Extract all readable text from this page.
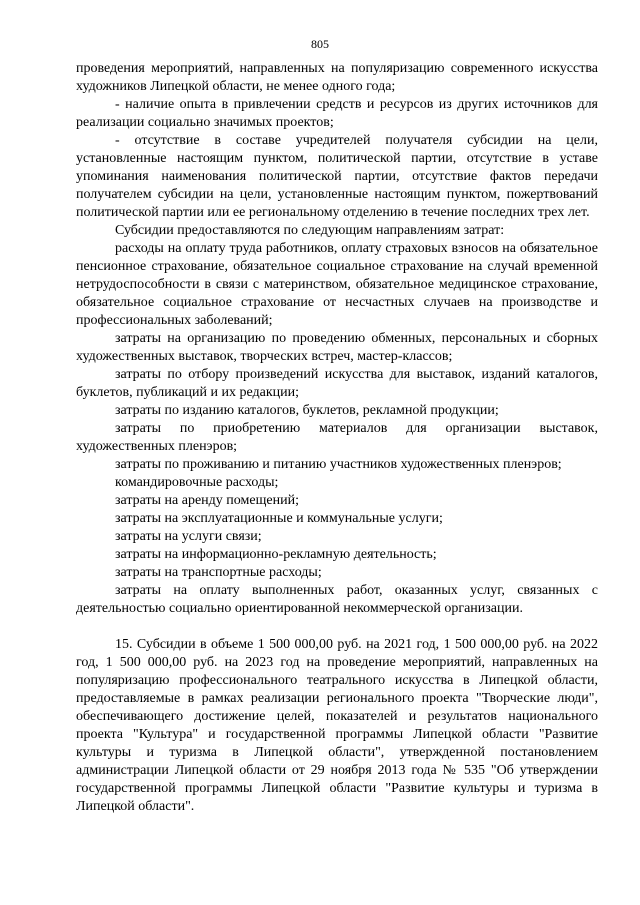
805

проведения мероприятий, направленных на популяризацию современного искусства художников Липецкой области, не менее одного года;

- наличие опыта в привлечении средств и ресурсов из других источников для реализации социально значимых проектов;

- отсутствие в составе учредителей получателя субсидии на цели, установленные настоящим пунктом, политической партии, отсутствие в уставе упоминания наименования политической партии, отсутствие фактов передачи получателем субсидии на цели, установленные настоящим пунктом, пожертвований политической партии или ее региональному отделению в течение последних трех лет.

Субсидии предоставляются по следующим направлениям затрат:

расходы на оплату труда работников, оплату страховых взносов на обязательное пенсионное страхование, обязательное социальное страхование на случай временной нетрудоспособности в связи с материнством, обязательное медицинское страхование, обязательное социальное страхование от несчастных случаев на производстве и профессиональных заболеваний;

затраты на организацию по проведению обменных, персональных и сборных художественных выставок, творческих встреч, мастер-классов;

затраты по отбору произведений искусства для выставок, изданий каталогов, буклетов, публикаций и их редакции;

затраты по изданию каталогов, буклетов, рекламной продукции;

затраты по приобретению материалов для организации выставок, художественных пленэров;

затраты по проживанию и питанию участников художественных пленэров;

командировочные расходы;

затраты на аренду помещений;

затраты на эксплуатационные и коммунальные услуги;

затраты на услуги связи;

затраты на информационно-рекламную деятельность;

затраты на транспортные расходы;

затраты на оплату выполненных работ, оказанных услуг, связанных с деятельностью социально ориентированной некоммерческой организации.

15. Субсидии в объеме 1 500 000,00 руб. на 2021 год, 1 500 000,00 руб. на 2022 год, 1 500 000,00 руб. на 2023 год на проведение мероприятий, направленных на популяризацию профессионального театрального искусства в Липецкой области, предоставляемые в рамках реализации регионального проекта "Творческие люди", обеспечивающего достижение целей, показателей и результатов национального проекта "Культура" и государственной программы Липецкой области "Развитие культуры и туризма в Липецкой области", утвержденной постановлением администрации Липецкой области от 29 ноября 2013 года № 535 "Об утверждении государственной программы Липецкой области "Развитие культуры и туризма в Липецкой области".
